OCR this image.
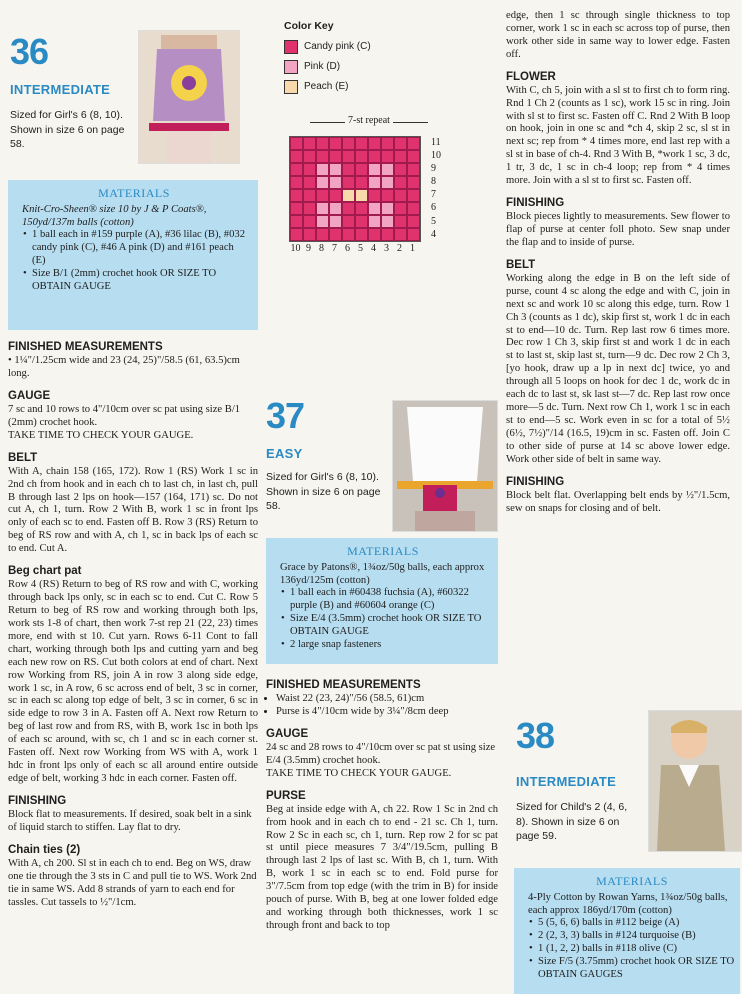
36
INTERMEDIATE
Sized for Girl's 6 (8, 10). Shown in size 6 on page 58.
MATERIALS
Knit-Cro-Sheen® size 10 by J & P Coats®, 150yd/137m balls (cotton)
• 1 ball each in #159 purple (A), #36 lilac (B), #032 candy pink (C), #46 A pink (D) and #161 peach (E)
• Size B/1 (2mm) crochet hook OR SIZE TO OBTAIN GAUGE
FINISHED MEASUREMENTS

• 1¼"/1.25cm wide and 23 (24, 25)"/58.5 (61, 63.5)cm long.

GAUGE

7 sc and 10 rows to 4"/10cm over sc pat using size B/1 (2mm) crochet hook.

TAKE TIME TO CHECK YOUR GAUGE.

BELT

With A, chain 158 (165, 172). Row 1 (RS) Work 1 sc in 2nd ch from hook and in each ch to last ch, in last ch, pull B through last 2 lps on hook—157 (164, 171) sc. Do not cut A, ch 1, turn. Row 2 With B, work 1 sc in front lps only of each sc to end. Fasten off B. Row 3 (RS) Return to beg of RS row and with A, ch 1, sc in back lps of each sc to end. Cut A.

Beg chart pat

Row 4 (RS) Return to beg of RS row and with C, working through back lps only, sc in each sc to end. Cut C. Row 5 Return to beg of RS row and working through both lps, work sts 1-8 of chart, then work 7-st rep 21 (22, 23) times more, end with st 10. Cut yarn. Rows 6-11 Cont to fall chart, working through both lps and cutting yarn and beg each new row on RS. Cut both colors at end of chart. Next row Working from RS, join A in row 3 along side edge, work 1 sc, in A row, 6 sc across end of belt, 3 sc in corner, sc in each sc along top edge of belt, 3 sc in corner, 6 sc in side edge to row 3 in A. Fasten off A. Next row Return to beg of last row and from RS, with B, work 1sc in both lps of each sc around, with sc, ch 1 and sc in each corner st. Fasten off. Next row Working from WS with A, work 1 hdc in front lps only of each sc all around entire outside edge of belt, working 3 hdc in each corner. Fasten off.

FINISHING

Block flat to measurements. If desired, soak belt in a sink of liquid starch to stiffen. Lay flat to dry.

Chain ties (2)

With A, ch 200. Sl st in each ch to end. Beg on WS, draw one tie through the 3 sts in C and pull tie to WS. Work 2nd tie in same WS. Add 8 strands of yarn to each end for tassles. Cut tassels to ½"/1cm.

Color Key
Candy pink (C)
Pink (D)
Peach (E)
7-st repeat
11
10
9
8
7
6
5
4
10 9 8 7 6 5 4 3 2 1
37
EASY
Sized for Girl's 6 (8, 10). Shown in size 6 on page 58.
MATERIALS
Grace by Patons®, 1¾oz/50g balls, each approx 136yd/125m (cotton)
• 1 ball each in #60438 fuchsia (A), #60322 purple (B) and #60604 orange (C)
• Size E/4 (3.5mm) crochet hook OR SIZE TO OBTAIN GAUGE
• 2 large snap fasteners
FINISHED MEASUREMENTS
• Waist 22 (23, 24)"/56 (58.5, 61)cm
• Purse is 4"/10cm wide by 3¼"/8cm deep
GAUGE

24 sc and 28 rows to 4"/10cm over sc pat st using size E/4 (3.5mm) crochet hook.

TAKE TIME TO CHECK YOUR GAUGE.

PURSE

Beg at inside edge with A, ch 22. Row 1 Sc in 2nd ch from hook and in each ch to end - 21 sc. Ch 1, turn. Row 2 Sc in each sc, ch 1, turn. Rep row 2 for sc pat st until piece measures 7 3/4"/19.5cm, pulling B through last 2 lps of last sc. With B, ch 1, turn. With B, work 1 sc in each sc to end. Fold purse for 3"/7.5cm from top edge (with the trim in B) for inside pouch of purse. With B, beg at one lower folded edge and working through both thicknesses, work 1 sc through front and back to top

edge, then 1 sc through single thickness to top corner, work 1 sc in each sc across top of purse, then work other side in same way to lower edge. Fasten off.

FLOWER

With C, ch 5, join with a sl st to first ch to form ring. Rnd 1 Ch 2 (counts as 1 sc), work 15 sc in ring. Join with sl st to first sc. Fasten off C. Rnd 2 With B loop on hook, join in one sc and *ch 4, skip 2 sc, sl st in next sc; rep from * 4 times more, end last rep with a sl st in base of ch-4. Rnd 3 With B, *work 1 sc, 3 dc, 1 tr, 3 dc, 1 sc in ch-4 loop; rep from * 4 times more. Join with a sl st to first sc. Fasten off.

FINISHING

Block pieces lightly to measurements. Sew flower to flap of purse at center foll photo. Sew snap under the flap and to inside of purse.

BELT

Working along the edge in B on the left side of purse, count 4 sc along the edge and with C, join in next sc and work 10 sc along this edge, turn. Row 1 Ch 3 (counts as 1 dc), skip first st, work 1 dc in each st to end—10 dc. Turn. Rep last row 6 times more. Dec row 1 Ch 3, skip first st and work 1 dc in each st to last st, skip last st, turn—9 dc. Dec row 2 Ch 3, [yo hook, draw up a lp in next dc] twice, yo and through all 5 loops on hook for dec 1 dc, work dc in each dc to last st, sk last st—7 dc. Rep last row once more—5 dc. Turn. Next row Ch 1, work 1 sc in each st to end—5 sc. Work even in sc for a total of 5½ (6½, 7½)"/14 (16.5, 19)cm in sc. Fasten off. Join C to other side of purse at 14 sc above lower edge. Work other side of belt in same way.

FINISHING

Block belt flat. Overlapping belt ends by ½"/1.5cm, sew on snaps for closing and of belt.

38
INTERMEDIATE
Sized for Child's 2 (4, 6, 8). Shown in size 6 on page 59.
MATERIALS
4-Ply Cotton by Rowan Yarns, 1¾oz/50g balls, each approx 186yd/170m (cotton)
• 5 (5, 6, 6) balls in #112 beige (A)
• 2 (2, 3, 3) balls in #124 turquoise (B)
• 1 (1, 2, 2) balls in #118 olive (C)
• Size F/5 (3.75mm) crochet hook OR SIZE TO OBTAIN GAUGES
